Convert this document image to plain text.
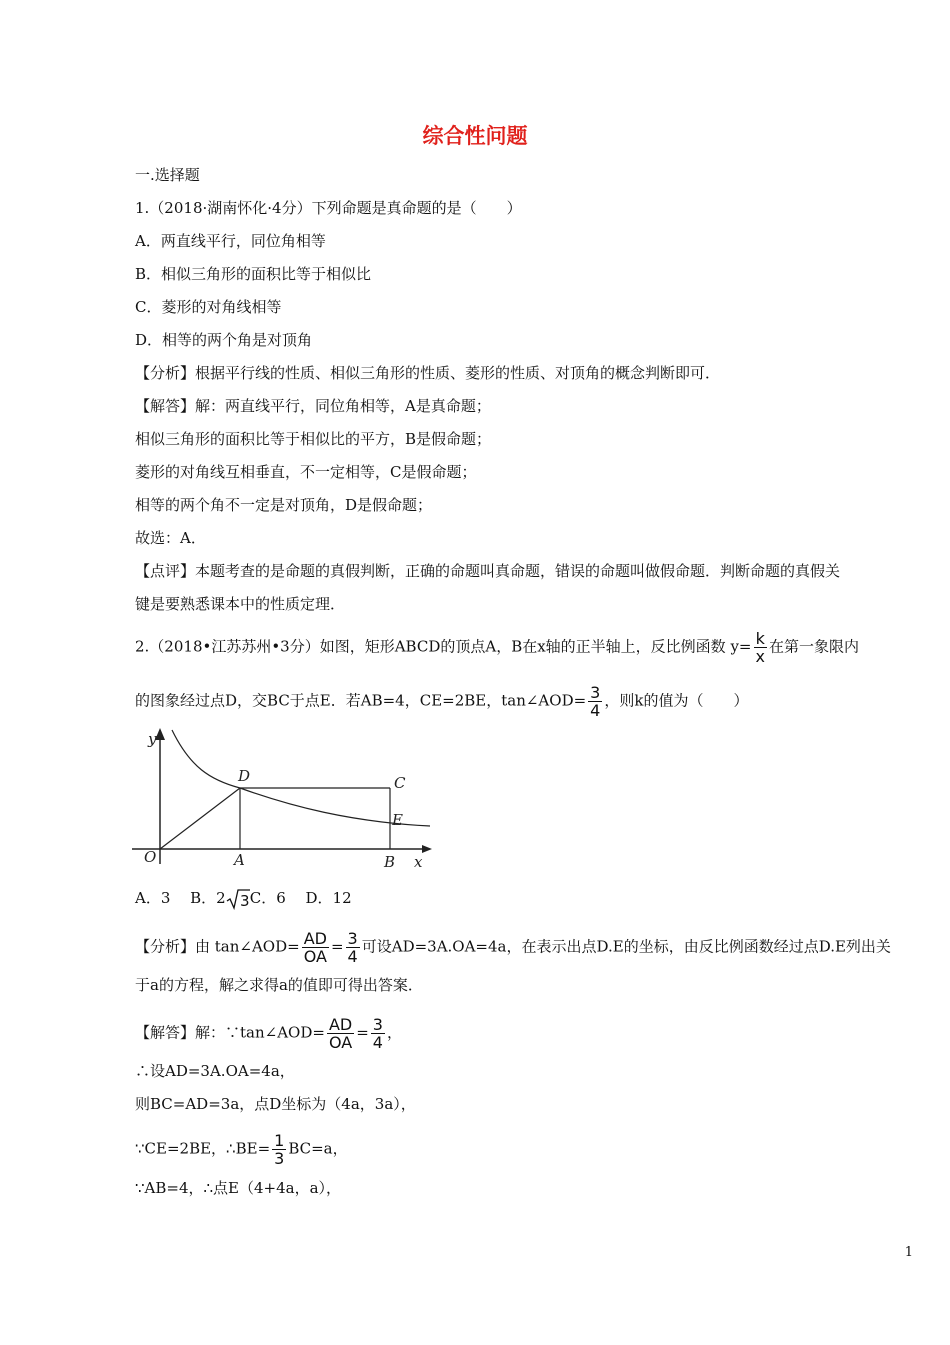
综合性问题
一.选择题
1.（2018·湖南怀化·4分）下列命题是真命题的是（　　）
A．两直线平行，同位角相等
B．相似三角形的面积比等于相似比
C．菱形的对角线相等
D．相等的两个角是对顶角
【分析】根据平行线的性质、相似三角形的性质、菱形的性质、对顶角的概念判断即可．
【解答】解：两直线平行，同位角相等，A是真命题；
相似三角形的面积比等于相似比的平方，B是假命题；
菱形的对角线互相垂直，不一定相等，C是假命题；
相等的两个角不一定是对顶角，D是假命题；
故选：A．
【点评】本题考查的是命题的真假判断，正确的命题叫真命题，错误的命题叫做假命题．判断命题的真假关
键是要熟悉课本中的性质定理．
2.（2018•江苏苏州•3分）如图，矩形ABCD的顶点A，B在x轴的正半轴上，反比例函数 $y= \frac{k}{x}$ 在第一象限内
的图象经过点D，交BC于点E．若AB=4，CE=2BE，tan∠AOD= $\frac{3}{4}$ ，则k的值为（　　）
y
D	C
E
O	A	B x
A．3　 B．2 3 C．6　 D．12
【分析】由 tan∠AOD= $\frac{AD}{OA} = \frac{3}{4}$ 可设AD=3A.OA=4a，在表示出点D.E的坐标，由反比例函数经过点D.E列出关
于a的方程，解之求得a的值即可得出答案．
【解答】解：∵tan∠AOD= $\frac{AD}{OA} = \frac{3}{4}$ ，
∴设AD=3A.OA=4a，
则BC=AD=3a，点D坐标为（4a，3a），
∵CE=2BE，∴BE= $\frac{1}{3} BC=a$，
∵AB=4，∴点E（4+4a，a），
1
